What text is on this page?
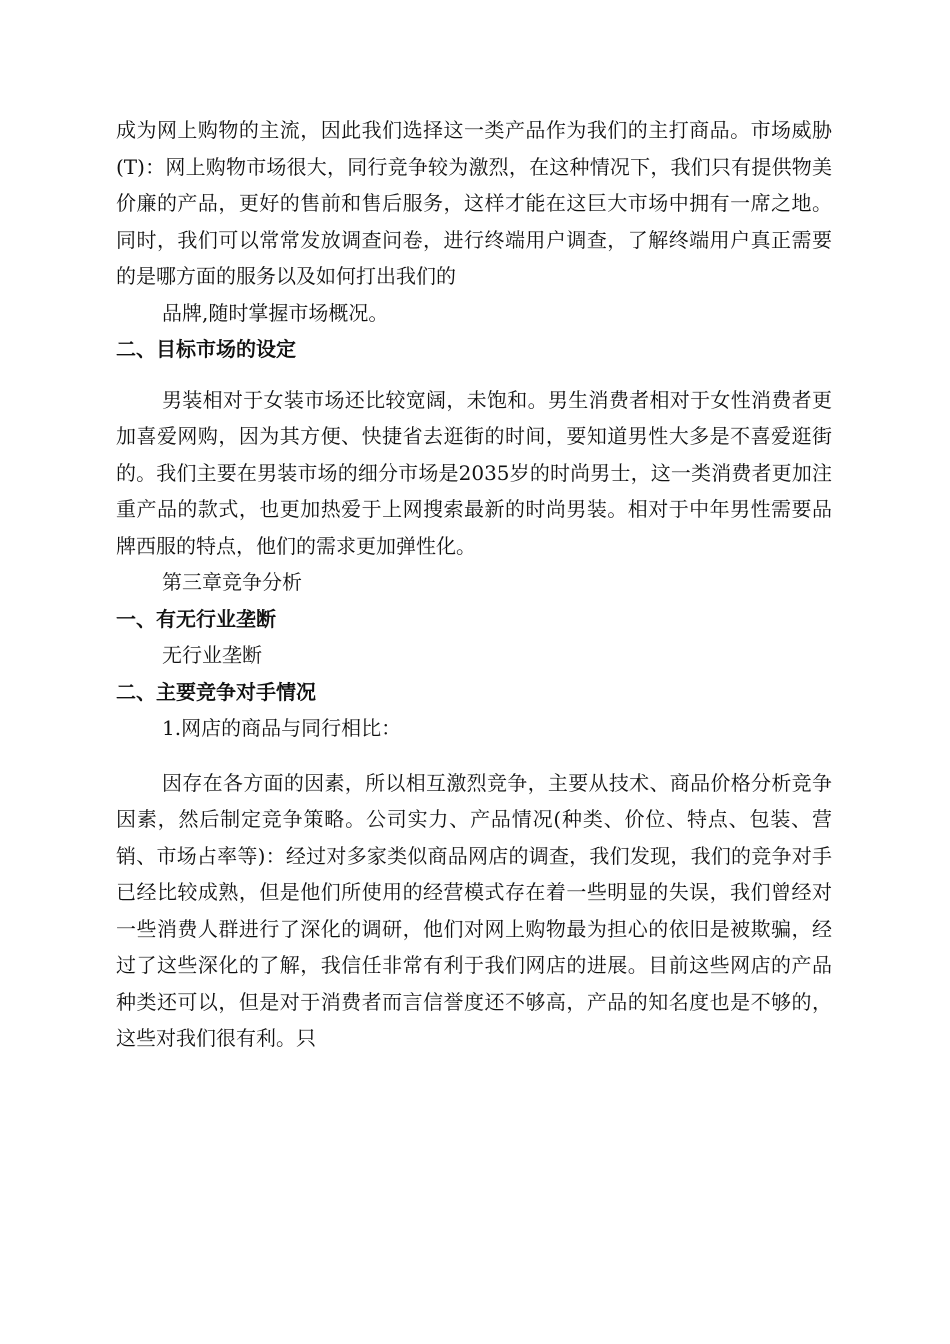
成为网上购物的主流，因此我们选择这一类产品作为我们的主打商品。市场威胁(T)：网上购物市场很大，同行竞争较为激烈，在这种情况下，我们只有提供物美价廉的产品，更好的售前和售后服务，这样才能在这巨大市场中拥有一席之地。同时，我们可以常常发放调查问卷，进行终端用户调查，了解终端用户真正需要的是哪方面的服务以及如何打出我们的

品牌,随时掌握市场概况。

二、目标市场的设定

男装相对于女装市场还比较宽阔，未饱和。男生消费者相对于女性消费者更加喜爱网购，因为其方便、快捷省去逛街的时间，要知道男性大多是不喜爱逛街的。我们主要在男装市场的细分市场是2035岁的时尚男士，这一类消费者更加注重产品的款式，也更加热爱于上网搜索最新的时尚男装。相对于中年男性需要品牌西服的特点，他们的需求更加弹性化。

第三章竞争分析

一、有无行业垄断

无行业垄断

二、主要竞争对手情况

1.网店的商品与同行相比：

因存在各方面的因素，所以相互激烈竞争，主要从技术、商品价格分析竞争因素，然后制定竞争策略。公司实力、产品情况(种类、价位、特点、包装、营销、市场占率等)：经过对多家类似商品网店的调查，我们发现，我们的竞争对手已经比较成熟，但是他们所使用的经营模式存在着一些明显的失误，我们曾经对一些消费人群进行了深化的调研，他们对网上购物最为担心的依旧是被欺骗，经过了这些深化的了解，我信任非常有利于我们网店的进展。目前这些网店的产品种类还可以，但是对于消费者而言信誉度还不够高，产品的知名度也是不够的，这些对我们很有利。只
